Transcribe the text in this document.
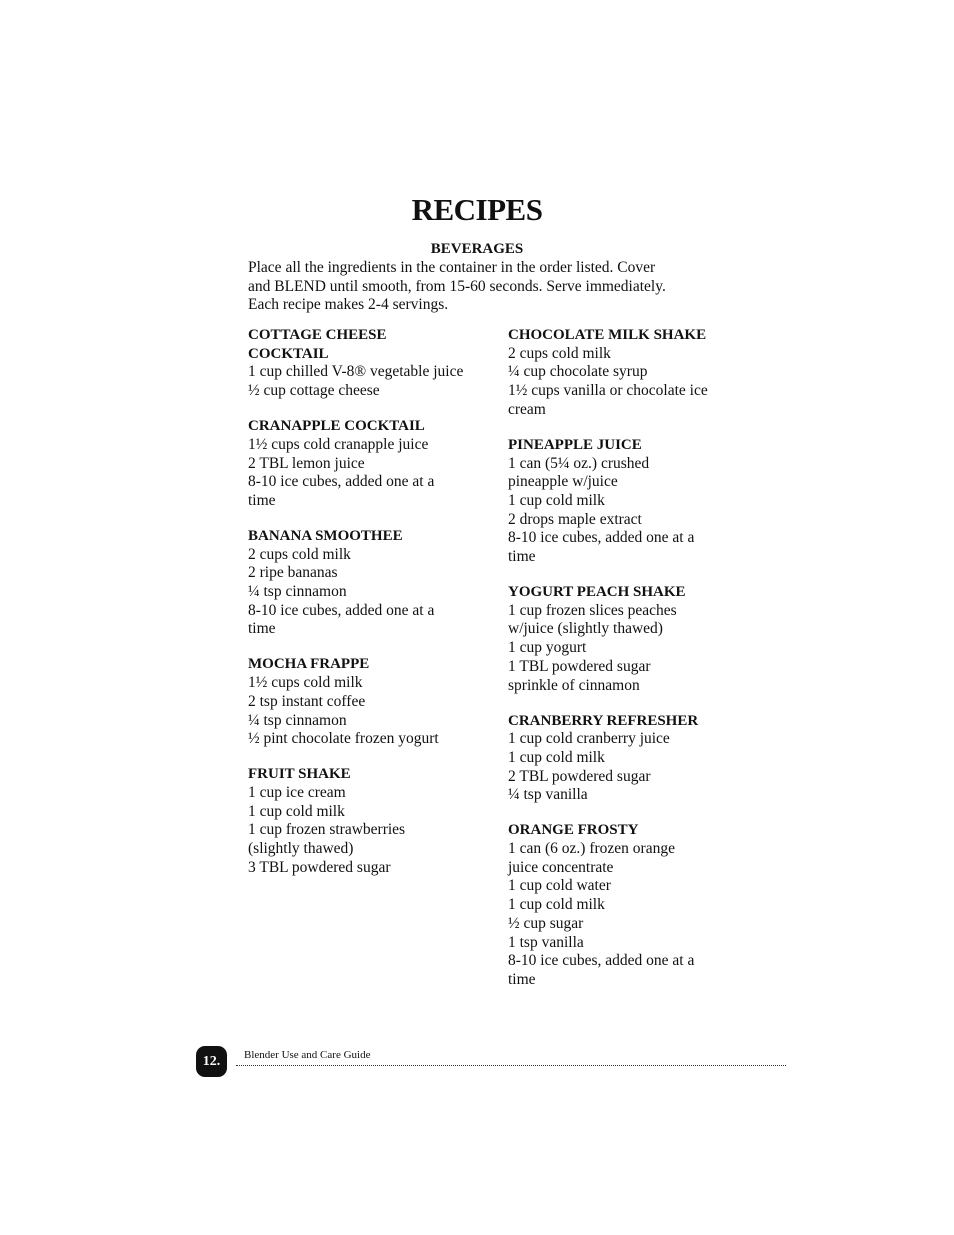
RECIPES
BEVERAGES
Place all the ingredients in the container in the order listed. Cover
and BLEND until smooth, from 15-60 seconds. Serve immediately.
Each recipe makes 2-4 servings.
COTTAGE CHEESE
COCKTAIL
1 cup chilled V-8® vegetable juice
½ cup cottage cheese
CRANAPPLE COCKTAIL
1½ cups cold cranapple juice
2 TBL lemon juice
8-10 ice cubes, added one at a
time
BANANA SMOOTHEE
2 cups cold milk
2 ripe bananas
¼ tsp cinnamon
8-10 ice cubes, added one at a
time
MOCHA FRAPPE
1½ cups cold milk
2 tsp instant coffee
¼ tsp cinnamon
½ pint chocolate frozen yogurt
FRUIT SHAKE
1 cup ice cream
1 cup cold milk
1 cup frozen strawberries
(slightly thawed)
3 TBL powdered sugar
CHOCOLATE MILK SHAKE
2 cups cold milk
¼ cup chocolate syrup
1½ cups vanilla or chocolate ice
cream
PINEAPPLE JUICE
1 can (5¼ oz.) crushed
pineapple w/juice
1 cup cold milk
2 drops maple extract
8-10 ice cubes, added one at a
time
YOGURT PEACH SHAKE
1 cup frozen slices peaches
w/juice (slightly thawed)
1 cup yogurt
1 TBL powdered sugar
sprinkle of cinnamon
CRANBERRY REFRESHER
1 cup cold cranberry juice
1 cup cold milk
2 TBL powdered sugar
¼ tsp vanilla
ORANGE FROSTY
1 can (6 oz.) frozen orange
juice concentrate
1 cup cold water
1 cup cold milk
½ cup sugar
1 tsp vanilla
8-10 ice cubes, added one at a
time
12.	Blender Use and Care Guide
